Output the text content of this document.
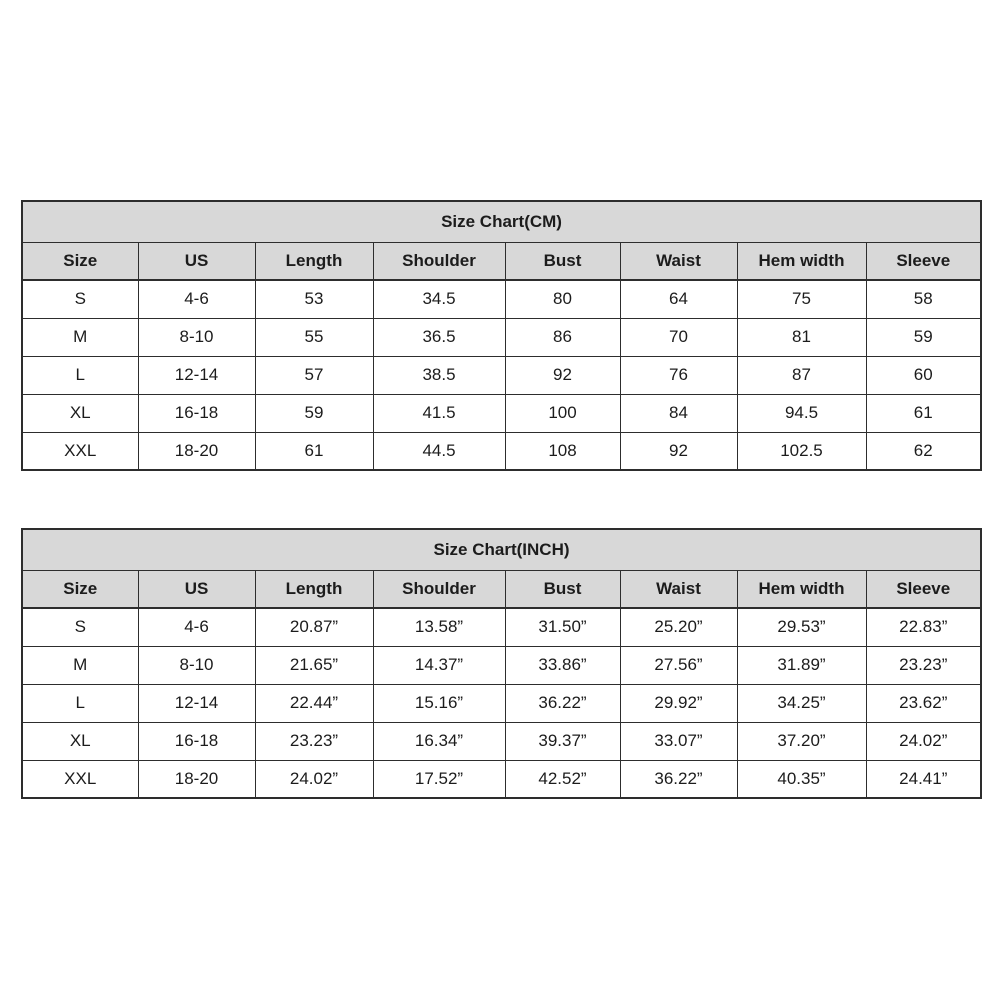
Size Chart(CM)							
Size	US	Length	Shoulder	Bust	Waist	Hem width	Sleeve
S	4-6	53	34.5	80	64	75	58
M	8-10	55	36.5	86	70	81	59
L	12-14	57	38.5	92	76	87	60
XL	16-18	59	41.5	100	84	94.5	61
XXL	18-20	61	44.5	108	92	102.5	62
Size Chart(INCH)							
Size	US	Length	Shoulder	Bust	Waist	Hem width	Sleeve
S	4-6	20.87”	13.58”	31.50”	25.20”	29.53”	22.83”
M	8-10	21.65”	14.37”	33.86”	27.56”	31.89”	23.23”
L	12-14	22.44”	15.16”	36.22”	29.92”	34.25”	23.62”
XL	16-18	23.23”	16.34”	39.37”	33.07”	37.20”	24.02”
XXL	18-20	24.02”	17.52”	42.52”	36.22”	40.35”	24.41”
